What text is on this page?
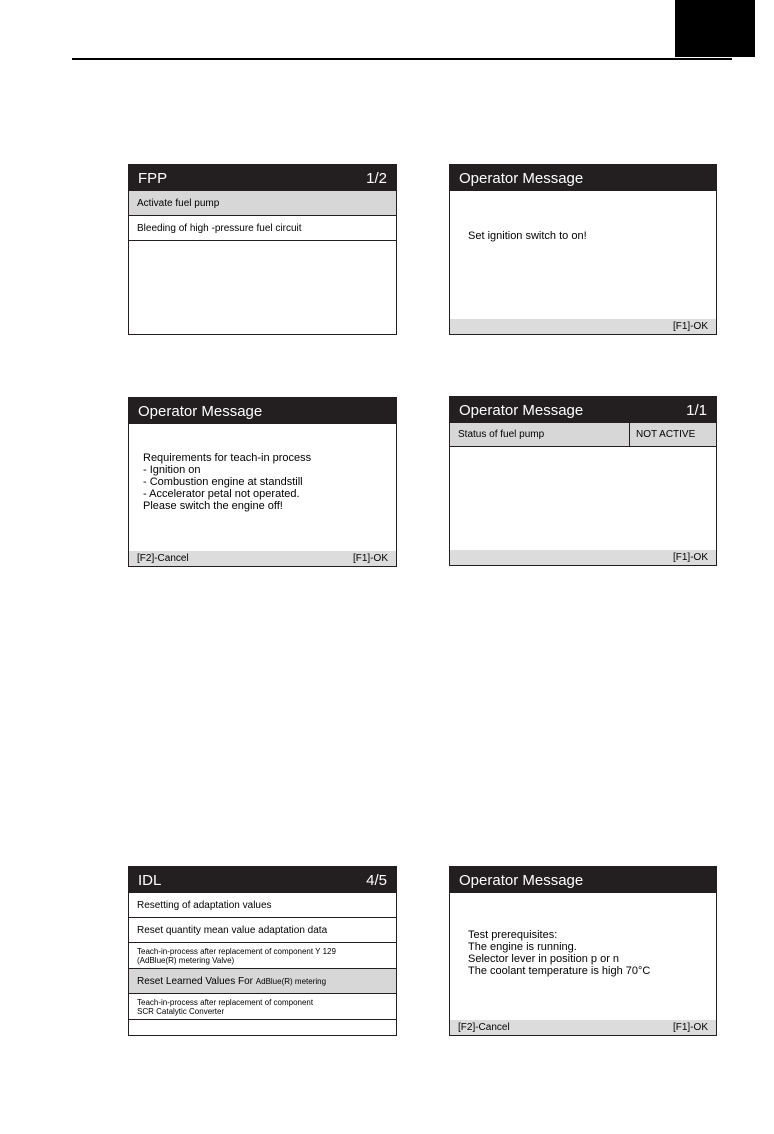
FPP	1/2
Activate fuel pump
Bleeding of high -pressure fuel circuit
Operator Message
Set ignition switch to on!
[F1]-OK
Operator Message
Requirements for teach-in process
- Ignition on
- Combustion engine at standstill
- Accelerator petal not operated.
Please switch the engine off!
[F2]-Cancel	[F1]-OK
Operator Message	1/1
Status of fuel pump	NOT ACTIVE
[F1]-OK
IDL	4/5
Resetting of adaptation values
Reset quantity mean value adaptation data
Teach-in-process after replacement of component Y 129
(AdBlue(R) metering Valve)
Reset Learned Values For AdBlue(R) metering
Teach-in-process after replacement of component
SCR Catalytic Converter
Operator Message
Test prerequisites:
The engine is running.
Selector lever in position p or n
The coolant temperature is high 70°C
[F2]-Cancel	[F1]-OK
